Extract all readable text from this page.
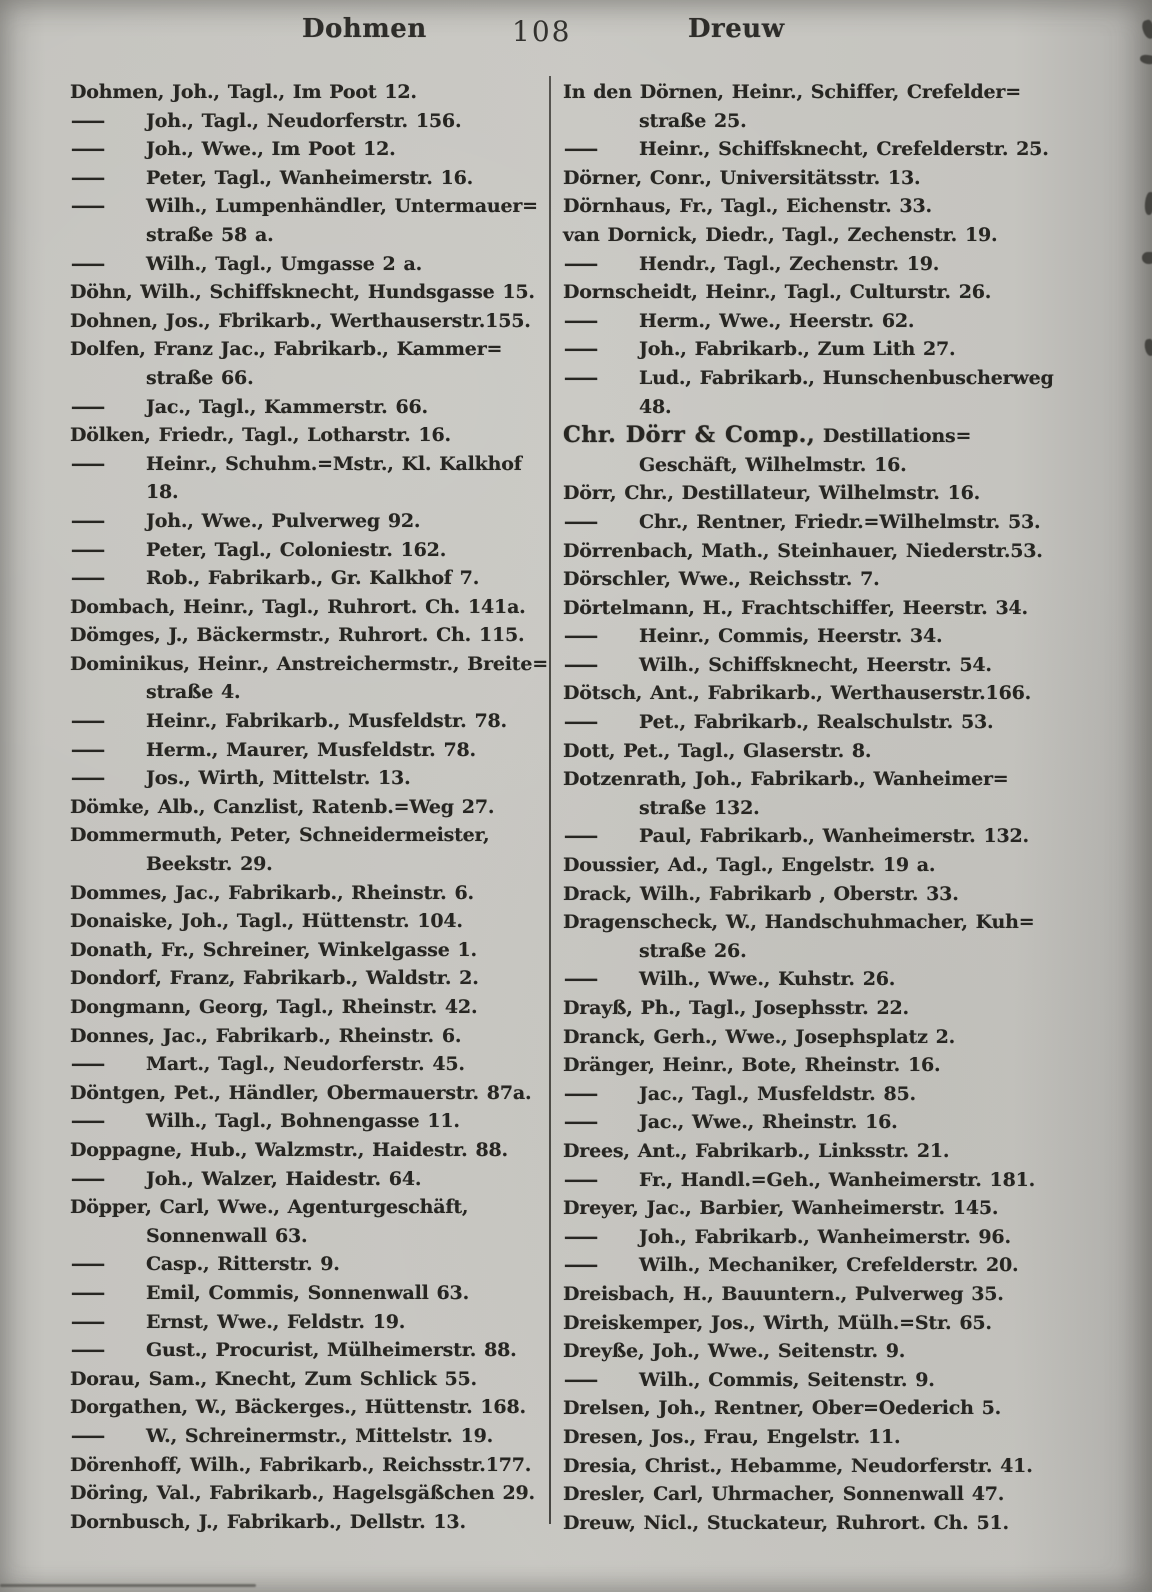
Dohmen	108	Dreuw

Dohmen, Joh., Tagl., Im Poot 12.

— Joh., Tagl., Neudorferstr. 156.

— Joh., Wwe., Im Poot 12.

— Peter, Tagl., Wanheimerstr. 16.

— Wilh., Lumpenhändler, Untermauer=
straße 58 a.

— Wilh., Tagl., Umgasse 2 a.

Döhn, Wilh., Schiffsknecht, Hundsgasse 15.

Dohnen, Jos., Fbrikarb., Werthauserstr.155.

Dolfen, Franz Jac., Fabrikarb., Kammer=
straße 66.

— Jac., Tagl., Kammerstr. 66.

Dölken, Friedr., Tagl., Lotharstr. 16.

— Heinr., Schuhm.=Mstr., Kl. Kalkhof 18.

— Joh., Wwe., Pulverweg 92.

— Peter, Tagl., Coloniestr. 162.

— Rob., Fabrikarb., Gr. Kalkhof 7.

Dombach, Heinr., Tagl., Ruhrort. Ch. 141a.

Dömges, J., Bäckermstr., Ruhrort. Ch. 115.

Dominikus, Heinr., Anstreichermstr., Breite=
straße 4.

— Heinr., Fabrikarb., Musfeldstr. 78.

— Herm., Maurer, Musfeldstr. 78.

— Jos., Wirth, Mittelstr. 13.

Dömke, Alb., Canzlist, Ratenb.=Weg 27.

Dommermuth, Peter, Schneidermeister,
Beekstr. 29.

Dommes, Jac., Fabrikarb., Rheinstr. 6.

Donaiske, Joh., Tagl., Hüttenstr. 104.

Donath, Fr., Schreiner, Winkelgasse 1.

Dondorf, Franz, Fabrikarb., Waldstr. 2.

Dongmann, Georg, Tagl., Rheinstr. 42.

Donnes, Jac., Fabrikarb., Rheinstr. 6.

— Mart., Tagl., Neudorferstr. 45.

Döntgen, Pet., Händler, Obermauerstr. 87a.

— Wilh., Tagl., Bohnengasse 11.

Doppagne, Hub., Walzmstr., Haidestr. 88.

— Joh., Walzer, Haidestr. 64.

Döpper, Carl, Wwe., Agenturgeschäft,
Sonnenwall 63.

— Casp., Ritterstr. 9.

— Emil, Commis, Sonnenwall 63.

— Ernst, Wwe., Feldstr. 19.

— Gust., Procurist, Mülheimerstr. 88.

Dorau, Sam., Knecht, Zum Schlick 55.

Dorgathen, W., Bäckerges., Hüttenstr. 168.

— W., Schreinermstr., Mittelstr. 19.

Dörenhoff, Wilh., Fabrikarb., Reichsstr.177.

Döring, Val., Fabrikarb., Hagelsgäßchen 29.

Dornbusch, J., Fabrikarb., Dellstr. 13.

In den Dörnen, Heinr., Schiffer, Crefelder=
straße 25.

— Heinr., Schiffsknecht, Crefelderstr. 25.

Dörner, Conr., Universitätsstr. 13.

Dörnhaus, Fr., Tagl., Eichenstr. 33.

van Dornick, Diedr., Tagl., Zechenstr. 19.

— Hendr., Tagl., Zechenstr. 19.

Dornscheidt, Heinr., Tagl., Culturstr. 26.

— Herm., Wwe., Heerstr. 62.

— Joh., Fabrikarb., Zum Lith 27.

— Lud., Fabrikarb., Hunschenbuscherweg 48.

Chr. Dörr & Comp., Destillations=
Geschäft, Wilhelmstr. 16.

Dörr, Chr., Destillateur, Wilhelmstr. 16.

— Chr., Rentner, Friedr.=Wilhelmstr. 53.

Dörrenbach, Math., Steinhauer, Niederstr.53.

Dörschler, Wwe., Reichsstr. 7.

Dörtelmann, H., Frachtschiffer, Heerstr. 34.

— Heinr., Commis, Heerstr. 34.

— Wilh., Schiffsknecht, Heerstr. 54.

Dötsch, Ant., Fabrikarb., Werthauserstr.166.

— Pet., Fabrikarb., Realschulstr. 53.

Dott, Pet., Tagl., Glaserstr. 8.

Dotzenrath, Joh., Fabrikarb., Wanheimer=
straße 132.

— Paul, Fabrikarb., Wanheimerstr. 132.

Doussier, Ad., Tagl., Engelstr. 19 a.

Drack, Wilh., Fabrikarb , Oberstr. 33.

Dragenscheck, W., Handschuhmacher, Kuh=
straße 26.

— Wilh., Wwe., Kuhstr. 26.

Drayß, Ph., Tagl., Josephsstr. 22.

Dranck, Gerh., Wwe., Josephsplatz 2.

Dränger, Heinr., Bote, Rheinstr. 16.

— Jac., Tagl., Musfeldstr. 85.

— Jac., Wwe., Rheinstr. 16.

Drees, Ant., Fabrikarb., Linksstr. 21.

— Fr., Handl.=Geh., Wanheimerstr. 181.

Dreyer, Jac., Barbier, Wanheimerstr. 145.

— Joh., Fabrikarb., Wanheimerstr. 96.

— Wilh., Mechaniker, Crefelderstr. 20.

Dreisbach, H., Bauuntern., Pulverweg 35.

Dreiskemper, Jos., Wirth, Mülh.=Str. 65.

Dreyße, Joh., Wwe., Seitenstr. 9.

— Wilh., Commis, Seitenstr. 9.

Drelsen, Joh., Rentner, Ober=Oederich 5.

Dresen, Jos., Frau, Engelstr. 11.

Dresia, Christ., Hebamme, Neudorferstr. 41.

Dresler, Carl, Uhrmacher, Sonnenwall 47.

Dreuw, Nicl., Stuckateur, Ruhrort. Ch. 51.
